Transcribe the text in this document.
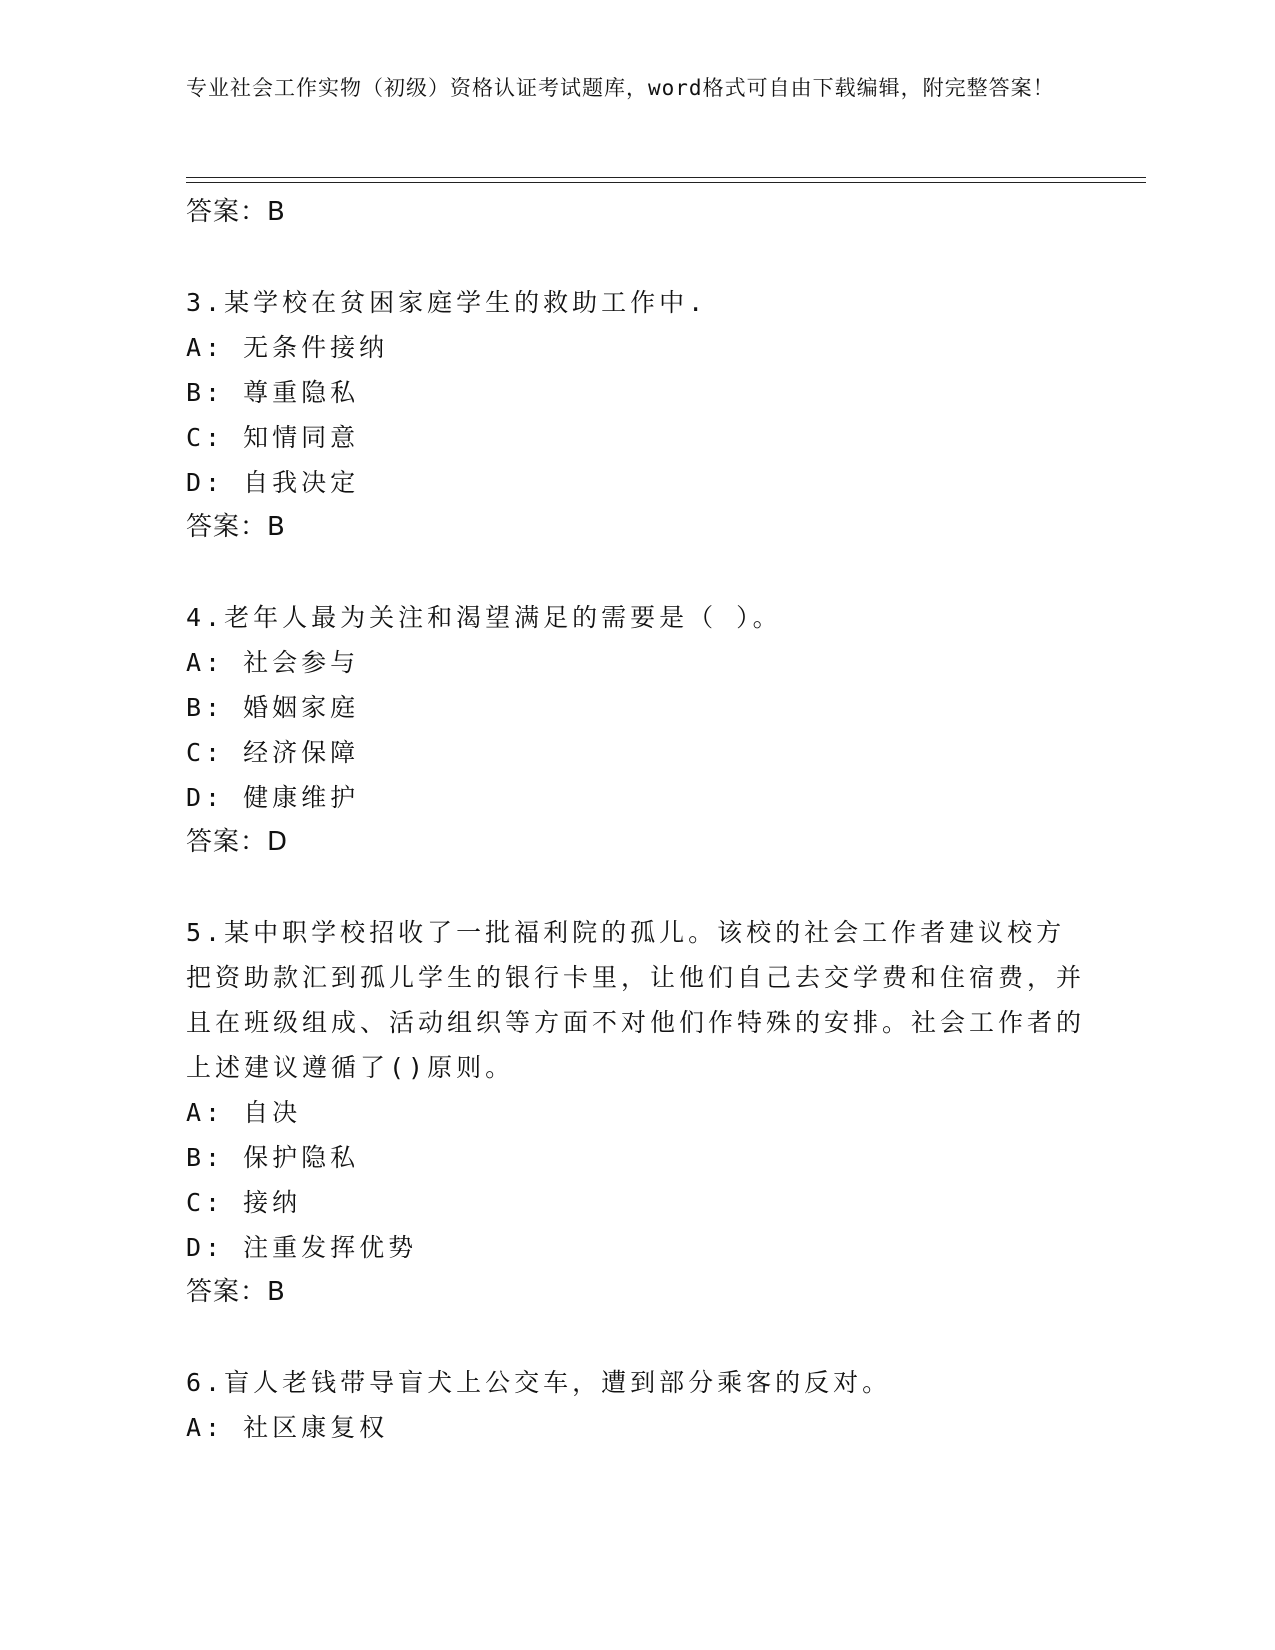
专业社会工作实物（初级）资格认证考试题库，word格式可自由下载编辑，附完整答案！
答案：B
3.某学校在贫困家庭学生的救助工作中.
A: 无条件接纳
B: 尊重隐私
C: 知情同意
D: 自我决定
答案：B
4.老年人最为关注和渴望满足的需要是（ ）。
A: 社会参与
B: 婚姻家庭
C: 经济保障
D: 健康维护
答案：D
5.某中职学校招收了一批福利院的孤儿。该校的社会工作者建议校方把资助款汇到孤儿学生的银行卡里，让他们自己去交学费和住宿费，并且在班级组成、活动组织等方面不对他们作特殊的安排。社会工作者的上述建议遵循了()原则。
A: 自决
B: 保护隐私
C: 接纳
D: 注重发挥优势
答案：B
6.盲人老钱带导盲犬上公交车，遭到部分乘客的反对。
A: 社区康复权
